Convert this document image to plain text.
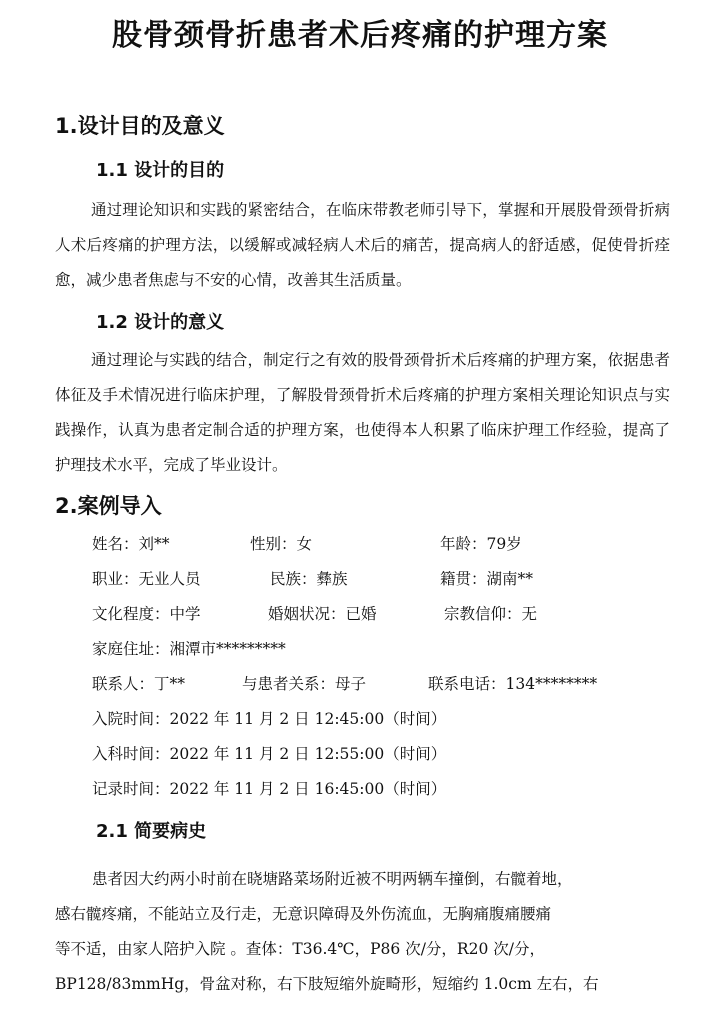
股骨颈骨折患者术后疼痛的护理方案
1.设计目的及意义
1.1 设计的目的

通过理论知识和实践的紧密结合，在临床带教老师引导下，掌握和开展股骨颈骨折病人术后疼痛的护理方法，以缓解或减轻病人术后的痛苦，提高病人的舒适感，促使骨折痊愈，减少患者焦虑与不安的心情，改善其生活质量。

1.2 设计的意义

通过理论与实践的结合，制定行之有效的股骨颈骨折术后疼痛的护理方案，依据患者体征及手术情况进行临床护理，了解股骨颈骨折术后疼痛的护理方案相关理论知识点与实践操作，认真为患者定制合适的护理方案，也使得本人积累了临床护理工作经验，提高了护理技术水平，完成了毕业设计。

2.案例导入
姓名：刘**	性别：女	年龄：79岁
职业：无业人员	民族：彝族	籍贯：湖南**
文化程度：中学	婚姻状况：已婚	宗教信仰：无
家庭住址：湘潭市*********
联系人：丁**	与患者关系：母子	联系电话：134********
入院时间：2022 年 11 月 2 日 12:45:00（时间）
入科时间：2022 年 11 月 2 日 12:55:00（时间）
记录时间：2022 年 11 月 2 日 16:45:00（时间）
2.1 简要病史
患者因大约两小时前在晓塘路菜场附近被不明两辆车撞倒，右髋着地，
感右髋疼痛，不能站立及行走，无意识障碍及外伤流血，无胸痛腹痛腰痛
等不适，由家人陪护入院 。查体：T36.4℃，P86 次/分，R20 次/分，
BP128/83mmHg，骨盆对称，右下肢短缩外旋畸形，短缩约 1.0cm 左右，右
